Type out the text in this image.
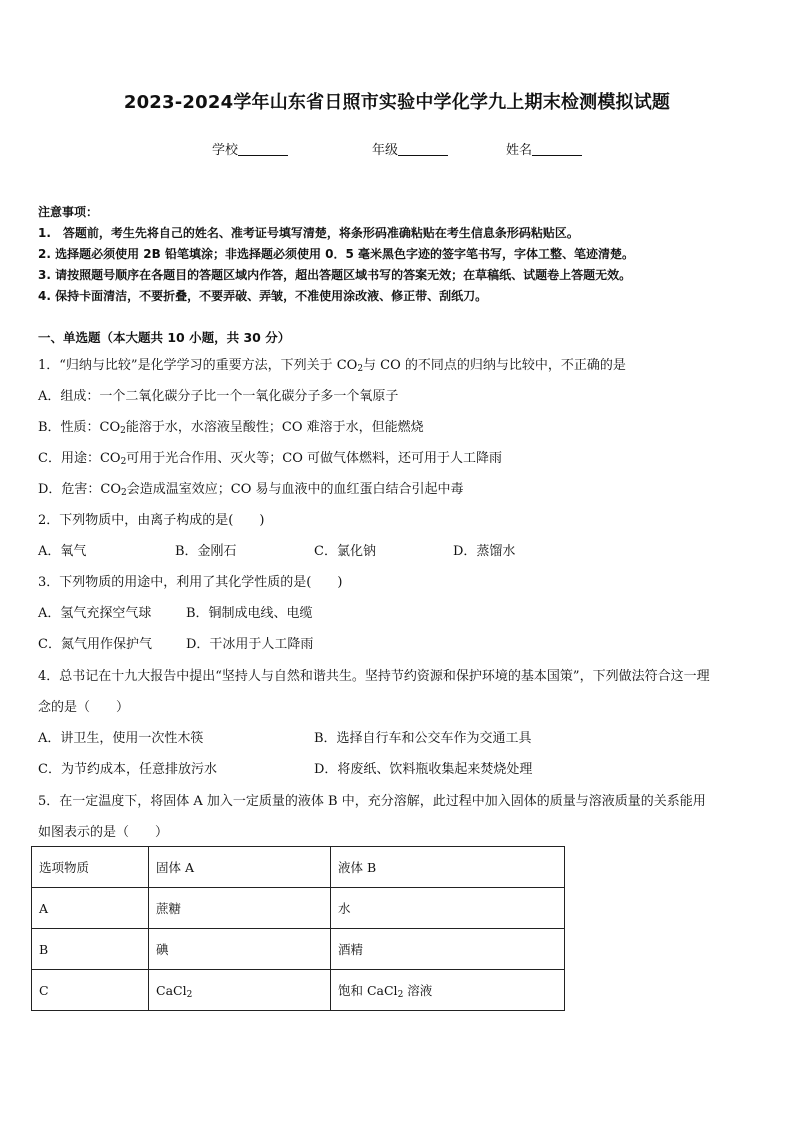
2023-2024学年山东省日照市实验中学化学九上期末检测模拟试题
学校	年级	姓名
注意事项：
1.　答题前，考生先将自己的姓名、准考证号填写清楚，将条形码准确粘贴在考生信息条形码粘贴区。
2. 选择题必须使用 2B 铅笔填涂；非选择题必须使用 0．5 毫米黑色字迹的签字笔书写，字体工整、笔迹清楚。
3. 请按照题号顺序在各题目的答题区域内作答，超出答题区域书写的答案无效；在草稿纸、试题卷上答题无效。
4. 保持卡面清洁，不要折叠，不要弄破、弄皱，不准使用涂改液、修正带、刮纸刀。
一、单选题（本大题共 10 小题，共 30 分）
1．“归纳与比较”是化学学习的重要方法，下列关于 $CO_2$与 CO 的不同点的归纳与比较中，不正确的是
A．组成：一个二氧化碳分子比一个一氧化碳分子多一个氧原子
B．性质：$CO_2$能溶于水，水溶液呈酸性；CO 难溶于水，但能燃烧
C．用途：$CO_2$可用于光合作用、灭火等；CO 可做气体燃料，还可用于人工降雨
D．危害：$CO_2$会造成温室效应；CO 易与血液中的血红蛋白结合引起中毒
2．下列物质中，由离子构成的是(　　)
A．氧气	B．金刚石	C．氯化钠	D．蒸馏水
3．下列物质的用途中，利用了其化学性质的是(　　)
A．氢气充探空气球	B．铜制成电线、电缆
C．氮气用作保护气	D．干冰用于人工降雨
4．总书记在十九大报告中提出“坚持人与自然和谐共生。坚持节约资源和保护环境的基本国策”，下列做法符合这一理
念的是（　　）
A．讲卫生，使用一次性木筷	B．选择自行车和公交车作为交通工具
C．为节约成本，任意排放污水	D．将废纸、饮料瓶收集起来焚烧处理
5．在一定温度下，将固体 A 加入一定质量的液体 B 中，充分溶解，此过程中加入固体的质量与溶液质量的关系能用
如图表示的是（　　）
选项物质	固体 A	液体 B
A	蔗糖	水
B	碘	酒精
C	CaCl$_2$	饱和 CaCl$_2$ 溶液
